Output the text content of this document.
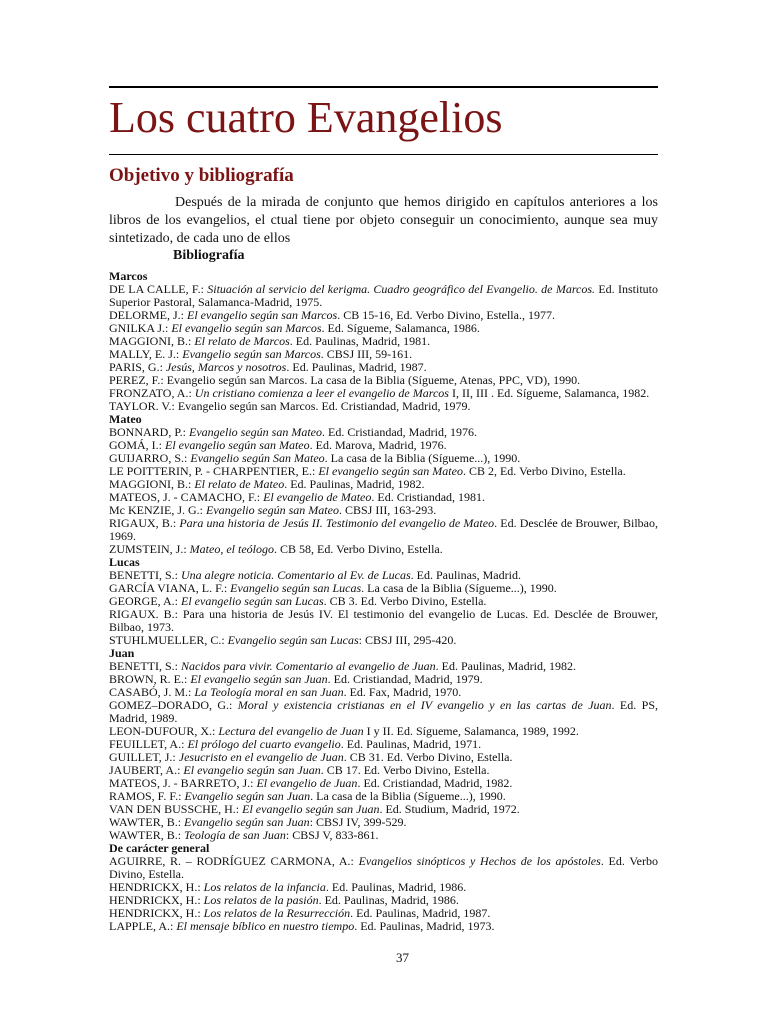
Los cuatro Evangelios
Objetivo y bibliografía

Después de la mirada de conjunto que hemos dirigido en capítulos anteriores a los libros de los evangelios, el ctual tiene por objeto conseguir un conocimiento, aunque sea muy sintetizado, de cada uno de ellos

Bibliografía

Marcos

DE LA CALLE, F.: Situación al servicio del kerigma. Cuadro geográfico del Evangelio. de Marcos. Ed. Instituto Superior Pastoral, Salamanca-Madrid, 1975.

DELORME, J.: El evangelio según san Marcos. CB 15-16, Ed. Verbo Divino, Estella., 1977.

GNILKA J.: El evangelio según san Marcos. Ed. Sígueme, Salamanca, 1986.

MAGGIONI, B.: El relato de Marcos. Ed. Paulinas, Madrid, 1981.

MALLY, E. J.: Evangelio según san Marcos. CBSJ III, 59-161.

PARIS, G.: Jesús, Marcos y nosotros. Ed. Paulinas, Madrid, 1987.

PEREZ, F.: Evangelio según san Marcos. La casa de la Biblia (Sígueme, Atenas, PPC, VD), 1990.

FRONZATO, A.: Un cristiano comienza a leer el evangelio de Marcos I, II, III . Ed. Sígueme, Salamanca, 1982.

TAYLOR. V.: Evangelio según san Marcos. Ed. Cristiandad, Madrid, 1979.

Mateo

BONNARD, P.: Evangelio según san Mateo. Ed. Cristiandad, Madrid, 1976.

GOMÁ, I.: El evangelio según san Mateo. Ed. Marova, Madrid, 1976.

GUIJARRO, S.: Evangelio según San Mateo. La casa de la Biblia (Sígueme...), 1990.

LE POITTERIN, P. - CHARPENTIER, E.: El evangelio según san Mateo. CB 2, Ed. Verbo Divino, Estella.

MAGGIONI, B.: El relato de Mateo. Ed. Paulinas, Madrid, 1982.

MATEOS, J. - CAMACHO, F.: El evangelio de Mateo. Ed. Cristiandad, 1981.

Mc KENZIE, J. G.: Evangelio según san Mateo. CBSJ III, 163-293.

RIGAUX, B.: Para una historia de Jesús II. Testimonio del evangelio de Mateo. Ed. Desclée de Brouwer, Bilbao, 1969.

ZUMSTEIN, J.: Mateo, el teólogo. CB 58, Ed. Verbo Divino, Estella.

Lucas

BENETTI, S.: Una alegre noticia. Comentario al Ev. de Lucas. Ed. Paulinas, Madrid.

GARCÍA VIANA, L. F.: Evangelio según san Lucas. La casa de la Biblia (Sígueme...), 1990.

GEORGE, A.: El evangelio según san Lucas. CB 3. Ed. Verbo Divino, Estella.

RIGAUX. B.: Para una historia de Jesús IV. El testimonio del evangelio de Lucas. Ed. Desclée de Brouwer, Bilbao, 1973.

STUHLMUELLER, C.: Evangelio según san Lucas: CBSJ III, 295-420.

Juan

BENETTI, S.: Nacidos para vivir. Comentario al evangelio de Juan. Ed. Paulinas, Madrid, 1982.

BROWN, R. E.: El evangelio según san Juan. Ed. Cristiandad, Madrid, 1979.

CASABÓ, J. M.: La Teología moral en san Juan. Ed. Fax, Madrid, 1970.

GOMEZ–DORADO, G.: Moral y existencia cristianas en el IV evangelio y en las cartas de Juan. Ed. PS, Madrid, 1989.

LEON-DUFOUR, X.: Lectura del evangelio de Juan I y II. Ed. Sígueme, Salamanca, 1989, 1992.

FEUILLET, A.: El prólogo del cuarto evangelio. Ed. Paulinas, Madrid, 1971.

GUILLET, J.: Jesucristo en el evangelio de Juan. CB 31. Ed. Verbo Divino, Estella.

JAUBERT, A.: El evangelio según san Juan. CB 17. Ed. Verbo Divino, Estella.

MATEOS, J. - BARRETO, J.: El evangelio de Juan. Ed. Cristiandad, Madrid, 1982.

RAMOS, F. F.: Evangelio según san Juan. La casa de la Biblia (Sígueme...), 1990.

VAN DEN BUSSCHE, H.: El evangelio según san Juan. Ed. Studium, Madrid, 1972.

WAWTER, B.: Evangelio según san Juan: CBSJ IV, 399-529.

WAWTER, B.: Teología de san Juan: CBSJ V, 833-861.

De carácter general

AGUIRRE, R. – RODRÍGUEZ CARMONA, A.: Evangelios sinópticos y Hechos de los apóstoles. Ed. Verbo Divino, Estella.

HENDRICKX, H.: Los relatos de la infancia. Ed. Paulinas, Madrid, 1986.

HENDRICKX, H.: Los relatos de la pasión. Ed. Paulinas, Madrid, 1986.

HENDRICKX, H.: Los relatos de la Resurrección. Ed. Paulinas, Madrid, 1987.

LAPPLE, A.: El mensaje bíblico en nuestro tiempo. Ed. Paulinas, Madrid, 1973.

37
